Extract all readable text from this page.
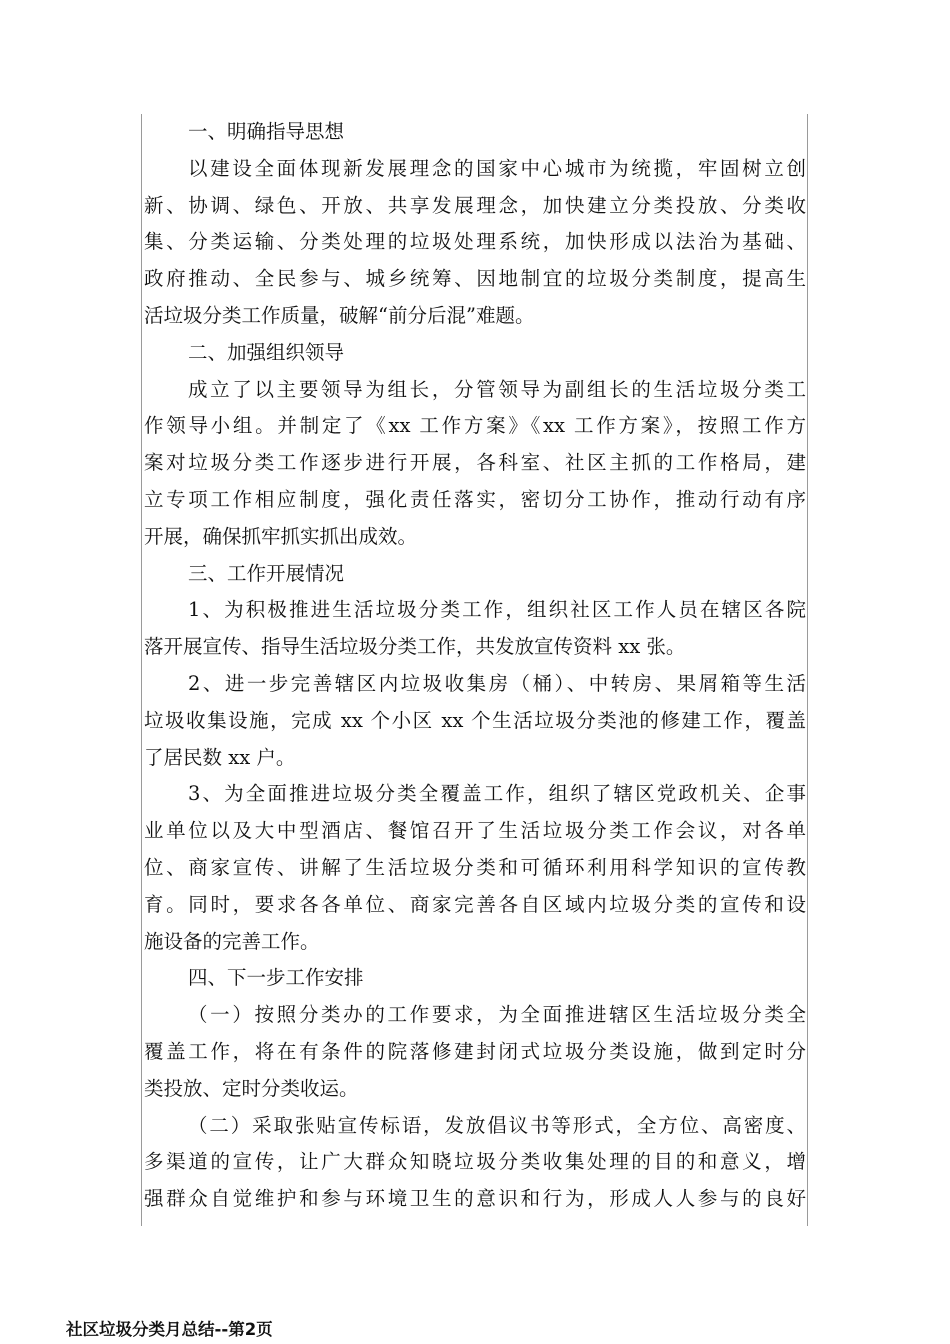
一、明确指导思想
以建设全面体现新发展理念的国家中心城市为统揽，牢固树立创
新、协调、绿色、开放、共享发展理念，加快建立分类投放、分类收
集、分类运输、分类处理的垃圾处理系统，加快形成以法治为基础、
政府推动、全民参与、城乡统筹、因地制宜的垃圾分类制度，提高生
活垃圾分类工作质量，破解“前分后混”难题。
二、加强组织领导
成立了以主要领导为组长，分管领导为副组长的生活垃圾分类工
作领导小组。并制定了《xx 工作方案》《xx 工作方案》，按照工作方
案对垃圾分类工作逐步进行开展，各科室、社区主抓的工作格局，建
立专项工作相应制度，强化责任落实，密切分工协作，推动行动有序
开展，确保抓牢抓实抓出成效。
三、工作开展情况
1、为积极推进生活垃圾分类工作，组织社区工作人员在辖区各院
落开展宣传、指导生活垃圾分类工作，共发放宣传资料 xx 张。
2、进一步完善辖区内垃圾收集房（桶）、中转房、果屑箱等生活
垃圾收集设施，完成 xx 个小区 xx 个生活垃圾分类池的修建工作，覆盖
了居民数 xx 户。
3、为全面推进垃圾分类全覆盖工作，组织了辖区党政机关、企事
业单位以及大中型酒店、餐馆召开了生活垃圾分类工作会议，对各单
位、商家宣传、讲解了生活垃圾分类和可循环利用科学知识的宣传教
育。同时，要求各各单位、商家完善各自区域内垃圾分类的宣传和设
施设备的完善工作。
四、下一步工作安排
（一）按照分类办的工作要求，为全面推进辖区生活垃圾分类全
覆盖工作，将在有条件的院落修建封闭式垃圾分类设施，做到定时分
类投放、定时分类收运。
（二）采取张贴宣传标语，发放倡议书等形式，全方位、高密度、
多渠道的宣传，让广大群众知晓垃圾分类收集处理的目的和意义，增
强群众自觉维护和参与环境卫生的意识和行为，形成人人参与的良好
社区垃圾分类月总结--第2页
